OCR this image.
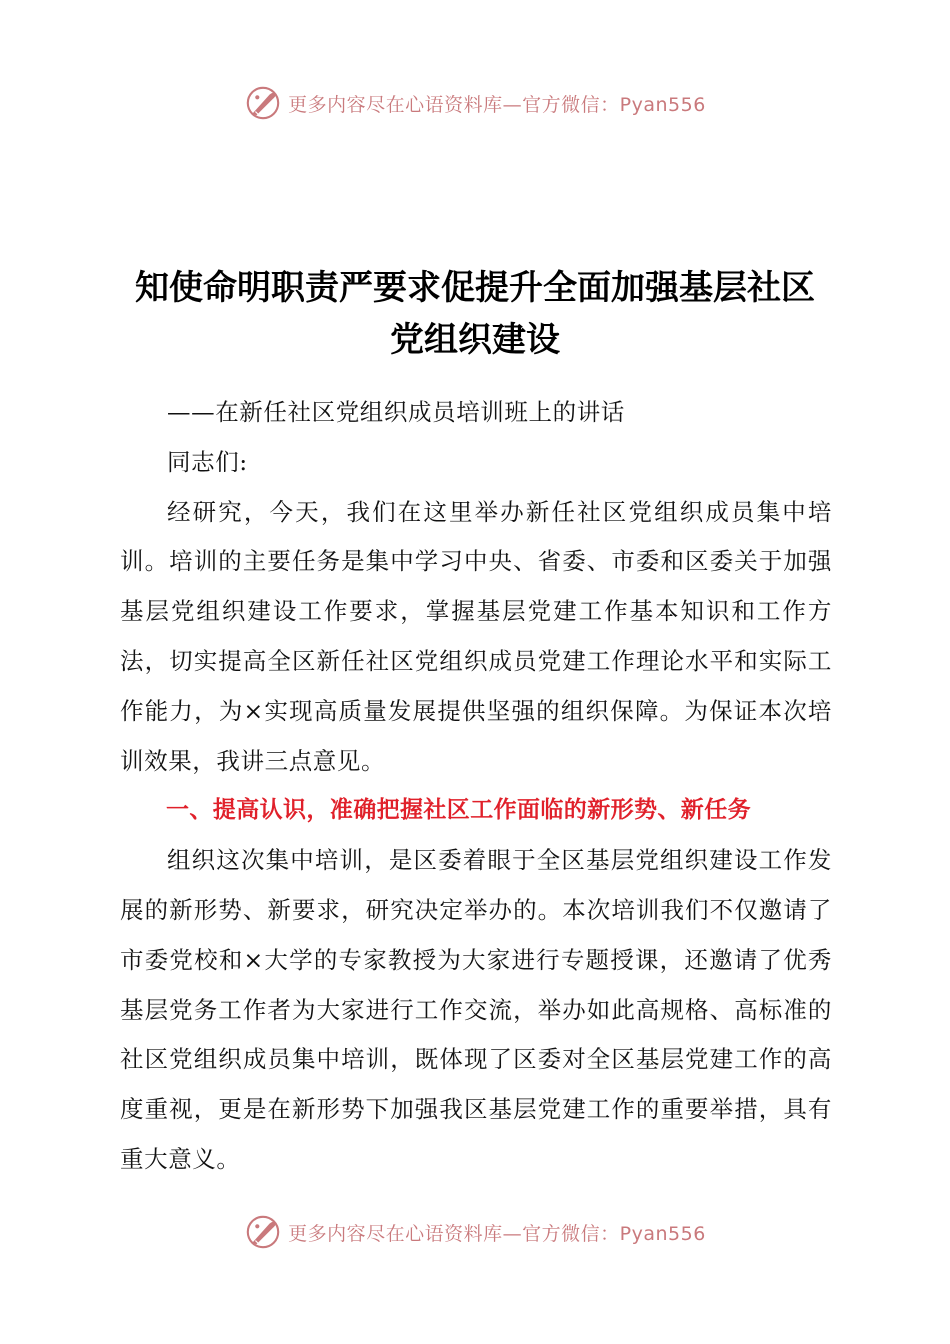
更多内容尽在心语资料库—官方微信：Pyan556
知使命明职责严要求促提升全面加强基层社区
党组织建设

——在新任社区党组织成员培训班上的讲话

同志们:

经研究，今天，我们在这里举办新任社区党组织成员集中培训。培训的主要任务是集中学习中央、省委、市委和区委关于加强基层党组织建设工作要求，掌握基层党建工作基本知识和工作方法，切实提高全区新任社区党组织成员党建工作理论水平和实际工作能力，为×实现高质量发展提供坚强的组织保障。为保证本次培训效果，我讲三点意见。

一、提高认识，准确把握社区工作面临的新形势、新任务

组织这次集中培训，是区委着眼于全区基层党组织建设工作发展的新形势、新要求，研究决定举办的。本次培训我们不仅邀请了市委党校和×大学的专家教授为大家进行专题授课，还邀请了优秀基层党务工作者为大家进行工作交流，举办如此高规格、高标准的社区党组织成员集中培训，既体现了区委对全区基层党建工作的高度重视，更是在新形势下加强我区基层党建工作的重要举措，具有重大意义。

更多内容尽在心语资料库—官方微信：Pyan556
